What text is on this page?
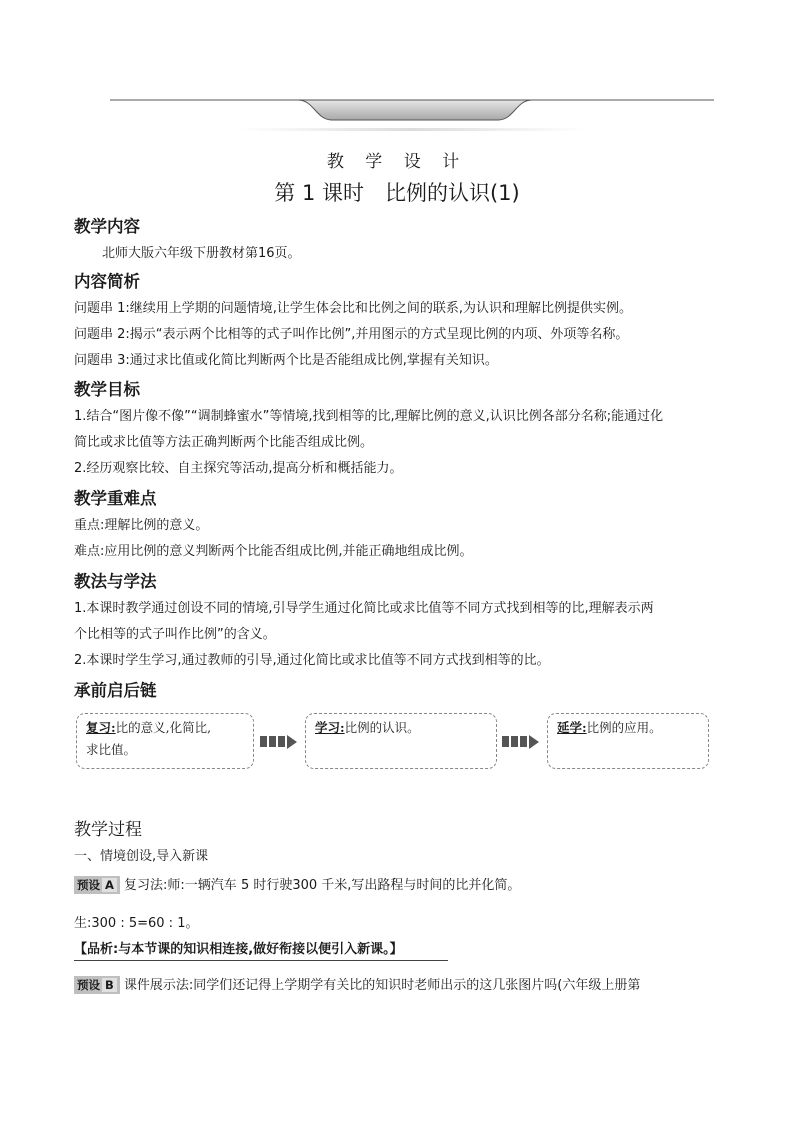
教 学 设 计
第 1 课时　比例的认识(1)
教学内容
北师大版六年级下册教材第16页。
内容简析
问题串 1:继续用上学期的问题情境,让学生体会比和比例之间的联系,为认识和理解比例提供实例。
问题串 2:揭示“表示两个比相等的式子叫作比例”,并用图示的方式呈现比例的内项、外项等名称。
问题串 3:通过求比值或化简比判断两个比是否能组成比例,掌握有关知识。
教学目标
1.结合“图片像不像”“调制蜂蜜水”等情境,找到相等的比,理解比例的意义,认识比例各部分名称;能通过化
简比或求比值等方法正确判断两个比能否组成比例。
2.经历观察比较、自主探究等活动,提高分析和概括能力。
教学重难点
重点:理解比例的意义。
难点:应用比例的意义判断两个比能否组成比例,并能正确地组成比例。
教法与学法
1.本课时教学通过创设不同的情境,引导学生通过化简比或求比值等不同方式找到相等的比,理解表示两
个比相等的式子叫作比例”的含义。
2.本课时学生学习,通过教师的引导,通过化简比或求比值等不同方式找到相等的比。
承前启后链
复习:比的意义,化简比,
求比值。
学习:比例的认识。	延学:比例的应用。
教学过程
一、情境创设,导入新课
预设 A 复习法:师:一辆汽车 5 时行驶300 千米,写出路程与时间的比并化简。
生:300 : 5=60 : 1。
【品析:与本节课的知识相连接,做好衔接以便引入新课。】
预设 B 课件展示法:同学们还记得上学期学有关比的知识时老师出示的这几张图片吗(六年级上册第
